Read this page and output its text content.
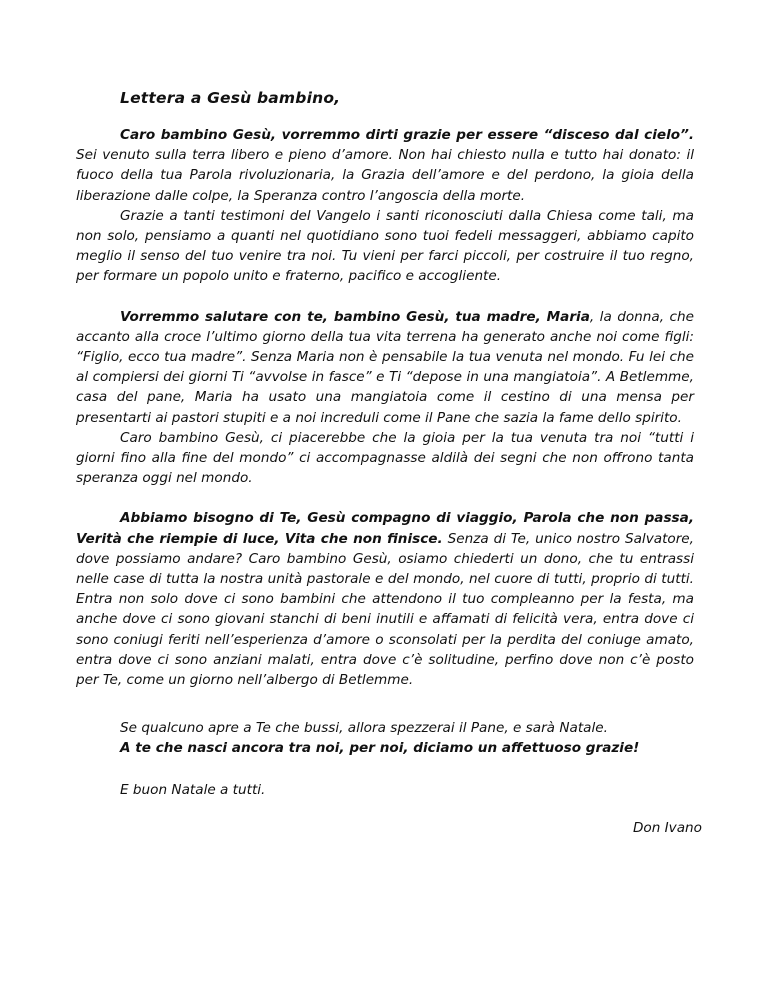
Lettera a Gesù bambino,

Caro bambino Gesù, vorremmo dirti grazie per essere “disceso dal cielo”. Sei venuto sulla terra libero e pieno d’amore. Non hai chiesto nulla e tutto hai donato: il fuoco della tua Parola rivoluzionaria, la Grazia dell’amore e del perdono, la gioia della liberazione dalle colpe, la Speranza contro l’angoscia della morte.

Grazie a tanti testimoni del Vangelo i santi riconosciuti dalla Chiesa come tali, ma non solo, pensiamo a quanti nel quotidiano sono tuoi fedeli messaggeri, abbiamo capito meglio il senso del tuo venire tra noi. Tu vieni per farci piccoli, per costruire il tuo regno, per formare un popolo unito e fraterno, pacifico e accogliente.

Vorremmo salutare con te, bambino Gesù, tua madre, Maria, la donna, che accanto alla croce l’ultimo giorno della tua vita terrena ha generato anche noi come figli: “Figlio, ecco tua madre”. Senza Maria non è pensabile la tua venuta nel mondo. Fu lei che al compiersi dei giorni Ti “avvolse in fasce” e Ti “depose in una mangiatoia”. A Betlemme, casa del pane, Maria ha usato una mangiatoia come il cestino di una mensa per presentarti ai pastori stupiti e a noi increduli come il Pane che sazia la fame dello spirito.

Caro bambino Gesù, ci piacerebbe che la gioia per la tua venuta tra noi “tutti i giorni fino alla fine del mondo” ci accompagnasse aldilà dei segni che non offrono tanta speranza oggi nel mondo.

Abbiamo bisogno di Te, Gesù compagno di viaggio, Parola che non passa, Verità che riempie di luce, Vita che non finisce. Senza di Te, unico nostro Salvatore, dove possiamo andare? Caro bambino Gesù, osiamo chiederti un dono, che tu entrassi nelle case di tutta la nostra unità pastorale e del mondo, nel cuore di tutti, proprio di tutti. Entra non solo dove ci sono bambini che attendono il tuo compleanno per la festa, ma anche dove ci sono giovani stanchi di beni inutili e affamati di felicità vera, entra dove ci sono coniugi feriti nell’esperienza d’amore o sconsolati per la perdita del coniuge amato, entra dove ci sono anziani malati, entra dove c’è solitudine, perfino dove non c’è posto per Te, come un giorno nell’albergo di Betlemme.

Se qualcuno apre a Te che bussi, allora spezzerai il Pane, e sarà Natale.
A te che nasci ancora tra noi, per noi, diciamo un affettuoso grazie!
E buon Natale a tutti.
Don Ivano
